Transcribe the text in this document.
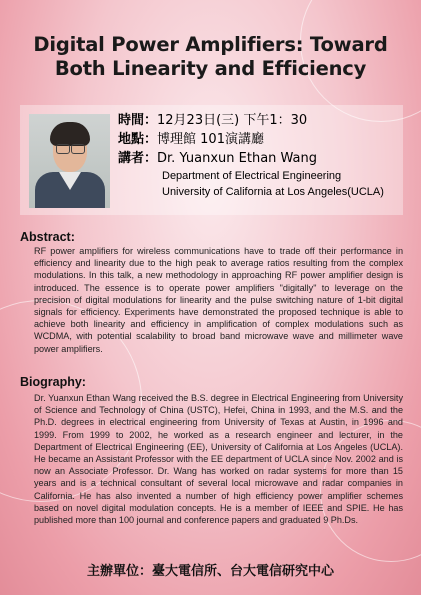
Digital Power Amplifiers: Toward
Both Linearity and Efficiency
時間：12月23日(三) 下午1：30
地點：博理館 101演講廳
講者：Dr. Yuanxun Ethan Wang
Department of Electrical Engineering
University of California at Los Angeles(UCLA)
Abstract:
RF power amplifiers for wireless communications have to trade off their performance in efficiency and linearity due to the high peak to average ratios resulting from the complex modulations. In this talk, a new methodology in approaching RF power amplifier design is introduced. The essence is to operate power amplifiers "digitally" to leverage on the precision of digital modulations for linearity and the pulse switching nature of 1-bit digital signals for efficiency. Experiments have demonstrated the proposed technique is able to achieve both linearity and efficiency in amplification of complex modulations such as WCDMA, with potential scalability to broad band microwave wave and millimeter wave power amplifiers.
Biography:
Dr. Yuanxun Ethan Wang received the B.S. degree in Electrical Engineering from University of Science and Technology of China (USTC), Hefei, China in 1993, and the M.S. and the Ph.D. degrees in electrical engineering from University of Texas at Austin, in 1996 and 1999. From 1999 to 2002, he worked as a research engineer and lecturer, in the Department of Electrical Engineering (EE), University of California at Los Angeles (UCLA). He became an Assistant Professor with the EE department of UCLA since Nov. 2002 and is now an Associate Professor. Dr. Wang has worked on radar systems for more than 15 years and is a technical consultant of several local microwave and radar companies in California. He has also invented a number of high efficiency power amplifier schemes based on novel digital modulation concepts. He is a member of IEEE and SPIE. He has published more than 100 journal and conference papers and graduated 9 Ph.Ds.
主辦單位：臺大電信所、台大電信研究中心
